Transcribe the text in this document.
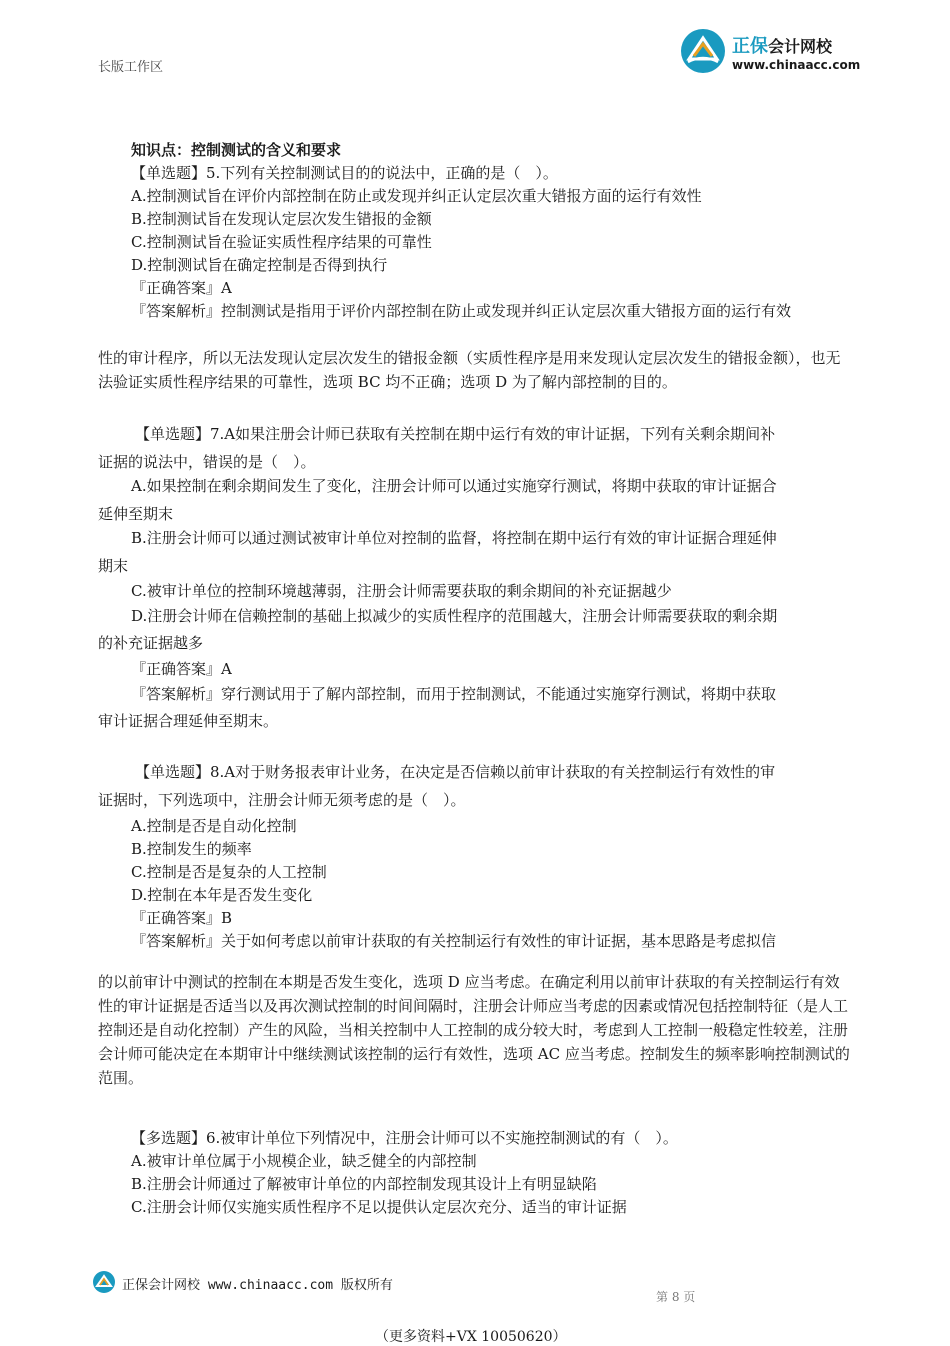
长版工作区
正保会计网校
www.chinaacc.com
知识点：控制测试的含义和要求
【单选题】5.下列有关控制测试目的的说法中，正确的是（　）。
A.控制测试旨在评价内部控制在防止或发现并纠正认定层次重大错报方面的运行有效性
B.控制测试旨在发现认定层次发生错报的金额
C.控制测试旨在验证实质性程序结果的可靠性
D.控制测试旨在确定控制是否得到执行
『正确答案』A
『答案解析』控制测试是指用于评价内部控制在防止或发现并纠正认定层次重大错报方面的运行有效
性的审计程序，所以无法发现认定层次发生的错报金额（实质性程序是用来发现认定层次发生的错报金额），也无法验证实质性程序结果的可靠性，选项 BC 均不正确；选项 D 为了解内部控制的目的。
【单选题】7.A如果注册会计师已获取有关控制在期中运行有效的审计证据，下列有关剩余期间补
证据的说法中，错误的是（　）。
A.如果控制在剩余期间发生了变化，注册会计师可以通过实施穿行测试，将期中获取的审计证据合
延伸至期末
B.注册会计师可以通过测试被审计单位对控制的监督，将控制在期中运行有效的审计证据合理延伸
期末
C.被审计单位的控制环境越薄弱，注册会计师需要获取的剩余期间的补充证据越少
D.注册会计师在信赖控制的基础上拟减少的实质性程序的范围越大，注册会计师需要获取的剩余期
的补充证据越多
『正确答案』A
『答案解析』穿行测试用于了解内部控制，而用于控制测试，不能通过实施穿行测试，将期中获取
审计证据合理延伸至期末。
【单选题】8.A对于财务报表审计业务，在决定是否信赖以前审计获取的有关控制运行有效性的审
证据时，下列选项中，注册会计师无须考虑的是（　）。
A.控制是否是自动化控制
B.控制发生的频率
C.控制是否是复杂的人工控制
D.控制在本年是否发生变化
『正确答案』B
『答案解析』关于如何考虑以前审计获取的有关控制运行有效性的审计证据，基本思路是考虑拟信
的以前审计中测试的控制在本期是否发生变化，选项 D 应当考虑。在确定利用以前审计获取的有关控制运行有效性的审计证据是否适当以及再次测试控制的时间间隔时，注册会计师应当考虑的因素或情况包括控制特征（是人工控制还是自动化控制）产生的风险，当相关控制中人工控制的成分较大时，考虑到人工控制一般稳定性较差，注册会计师可能决定在本期审计中继续测试该控制的运行有效性，选项 AC 应当考虑。控制发生的频率影响控制测试的范围。
【多选题】6.被审计单位下列情况中，注册会计师可以不实施控制测试的有（　）。
A.被审计单位属于小规模企业，缺乏健全的内部控制
B.注册会计师通过了解被审计单位的内部控制发现其设计上有明显缺陷
C.注册会计师仅实施实质性程序不足以提供认定层次充分、适当的审计证据
正保会计网校 www.chinaacc.com 版权所有
第 8 页
（更多资料+VX 10050620）
